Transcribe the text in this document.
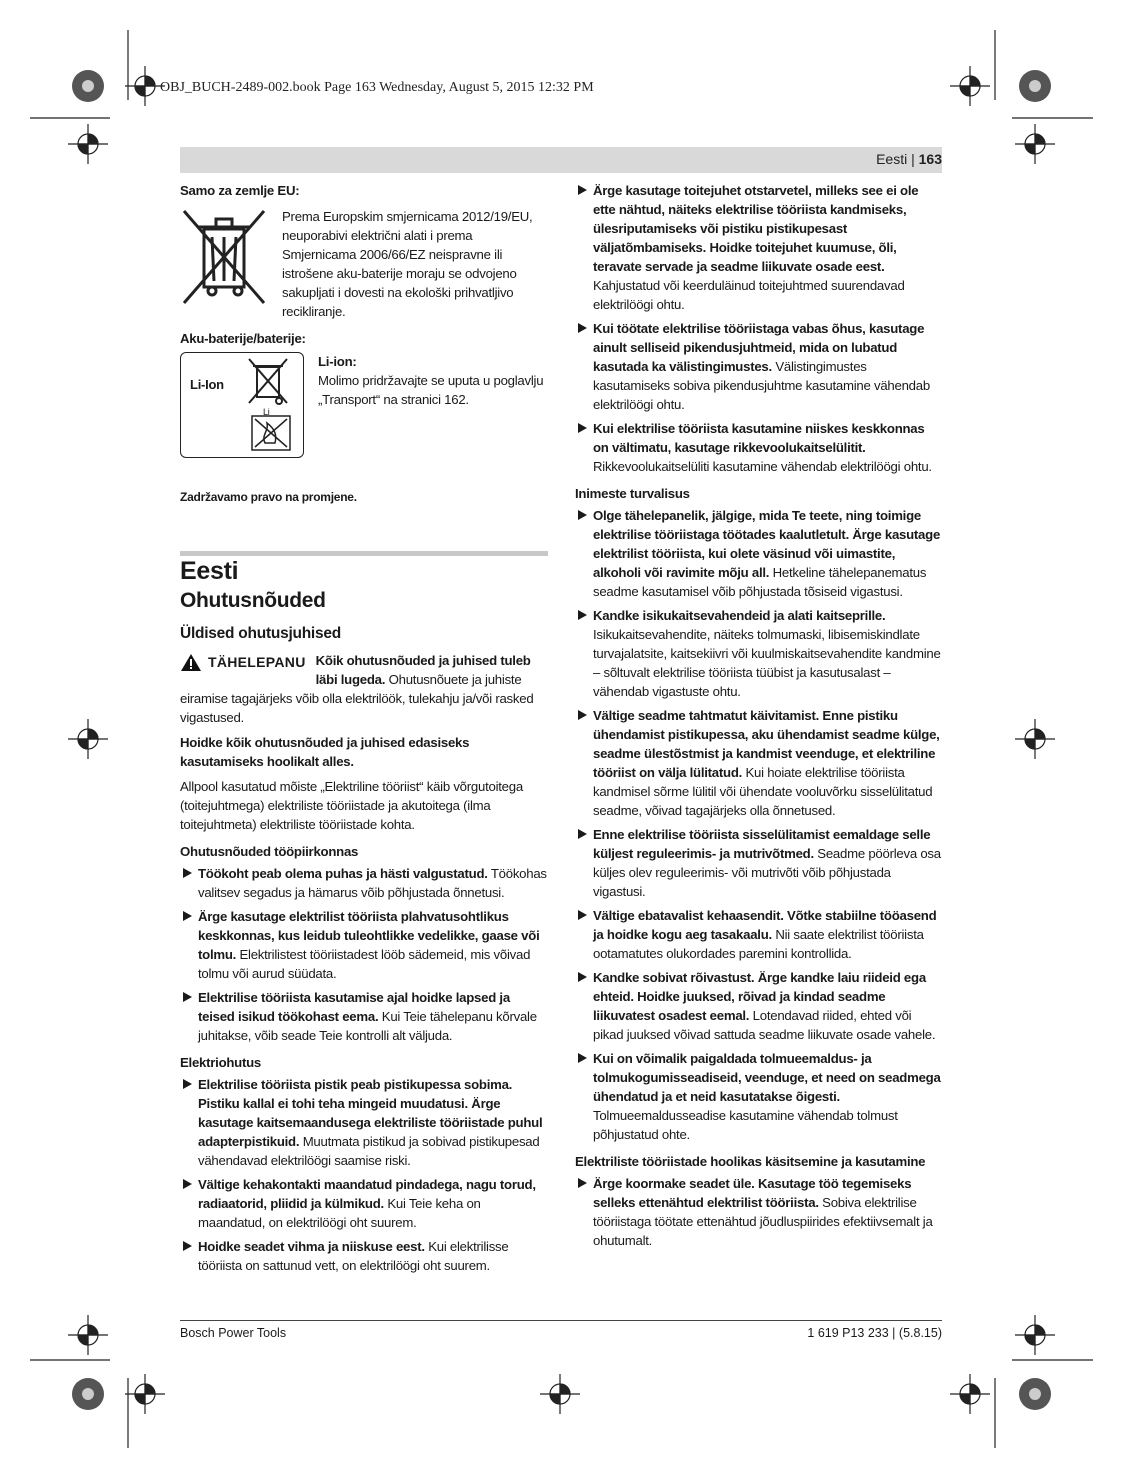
OBJ_BUCH-2489-002.book Page 163 Wednesday, August 5, 2015 12:32 PM
Eesti | 163

Samo za zemlje EU:

Prema Europskim smjernicama 2012/19/EU, neuporabivi električni alati i prema Smjernicama 2006/66/EZ neispravne ili istrošene aku-baterije moraju se odvojeno sakupljati i dovesti na ekološki prihvatljivo recikliranje.

Aku-baterije/baterije:

Li-Ion
Li

Li-ion:

Molimo pridržavajte se uputa u poglavlju „Transport“ na stranici 162.

Zadržavamo pravo na promjene.

Eesti

Ohutusnõuded

Üldised ohutusjuhised

TÄHELEPANU Kõik ohutusnõuded ja juhised tuleb läbi lugeda. Ohutusnõuete ja juhiste eiramise tagajärjeks võib olla elektrilöök, tulekahju ja/või rasked vigastused.

Hoidke kõik ohutusnõuded ja juhised edasiseks kasutamiseks hoolikalt alles.

Allpool kasutatud mõiste „Elektriline tööriist“ käib võrgutoitega (toitejuhtmega) elektriliste tööriistade ja akutoitega (ilma toitejuhtmeta) elektriliste tööriistade kohta.

Ohutusnõuded tööpiirkonnas

Töökoht peab olema puhas ja hästi valgustatud. Töökohas valitsev segadus ja hämarus võib põhjustada õnnetusi.
Ärge kasutage elektrilist tööriista plahvatusohtlikus keskkonnas, kus leidub tuleohtlikke vedelikke, gaase või tolmu. Elektrilistest tööriistadest lööb sädemeid, mis võivad tolmu või aurud süüdata.
Elektrilise tööriista kasutamise ajal hoidke lapsed ja teised isikud töökohast eema. Kui Teie tähelepanu kõrvale juhitakse, võib seade Teie kontrolli alt väljuda.

Elektriohutus

Elektrilise tööriista pistik peab pistikupessa sobima. Pistiku kallal ei tohi teha mingeid muudatusi. Ärge kasutage kaitsemaandusega elektriliste tööriistade puhul adapterpistikuid. Muutmata pistikud ja sobivad pistikupesad vähendavad elektrilöögi saamise riski.
Vältige kehakontakti maandatud pindadega, nagu torud, radiaatorid, pliidid ja külmikud. Kui Teie keha on maandatud, on elektrilöögi oht suurem.
Hoidke seadet vihma ja niiskuse eest. Kui elektrilisse tööriista on sattunud vett, on elektrilöögi oht suurem.
Ärge kasutage toitejuhet otstarvetel, milleks see ei ole ette nähtud, näiteks elektrilise tööriista kandmiseks, ülesriputamiseks või pistiku pistikupesast väljatõmbamiseks. Hoidke toitejuhet kuumuse, õli, teravate servade ja seadme liikuvate osade eest. Kahjustatud või keerduläinud toitejuhtmed suurendavad elektrilöögi ohtu.
Kui töötate elektrilise tööriistaga vabas õhus, kasutage ainult selliseid pikendusjuhtmeid, mida on lubatud kasutada ka välistingimustes. Välistingimustes kasutamiseks sobiva pikendusjuhtme kasutamine vähendab elektrilöögi ohtu.
Kui elektrilise tööriista kasutamine niiskes keskkonnas on vältimatu, kasutage rikkevoolukaitselülitit. Rikkevoolukaitselüliti kasutamine vähendab elektrilöögi ohtu.

Inimeste turvalisus

Olge tähelepanelik, jälgige, mida Te teete, ning toimige elektrilise tööriistaga töötades kaalutletult. Ärge kasutage elektrilist tööriista, kui olete väsinud või uimastite, alkoholi või ravimite mõju all. Hetkeline tähelepanematus seadme kasutamisel võib põhjustada tõsiseid vigastusi.
Kandke isikukaitsevahendeid ja alati kaitseprille. Isikukaitsevahendite, näiteks tolmumaski, libisemiskindlate turvajalatsite, kaitsekiivri või kuulmiskaitsevahendite kandmine – sõltuvalt elektrilise tööriista tüübist ja kasutusalast – vähendab vigastuste ohtu.
Vältige seadme tahtmatut käivitamist. Enne pistiku ühendamist pistikupessa, aku ühendamist seadme külge, seadme ülestõstmist ja kandmist veenduge, et elektriline tööriist on välja lülitatud. Kui hoiate elektrilise tööriista kandmisel sõrme lülitil või ühendate vooluvõrku sisselülitatud seadme, võivad tagajärjeks olla õnnetused.
Enne elektrilise tööriista sisselülitamist eemaldage selle küljest reguleerimis- ja mutrivõtmed. Seadme pöörleva osa küljes olev reguleerimis- või mutrivõti võib põhjustada vigastusi.
Vältige ebatavalist kehaasendit. Võtke stabiilne tööasend ja hoidke kogu aeg tasakaalu. Nii saate elektrilist tööriista ootamatutes olukordades paremini kontrollida.
Kandke sobivat rõivastust. Ärge kandke laiu riideid ega ehteid. Hoidke juuksed, rõivad ja kindad seadme liikuvatest osadest eemal. Lotendavad riided, ehted või pikad juuksed võivad sattuda seadme liikuvate osade vahele.
Kui on võimalik paigaldada tolmueemaldus- ja tolmukogumisseadiseid, veenduge, et need on seadmega ühendatud ja et neid kasutatakse õigesti. Tolmueemaldusseadise kasutamine vähendab tolmust põhjustatud ohte.

Elektriliste tööriistade hoolikas käsitsemine ja kasutamine

Ärge koormake seadet üle. Kasutage töö tegemiseks selleks ettenähtud elektrilist tööriista. Sobiva elektrilise tööriistaga töötate ettenähtud jõudluspiirides efektiivsemalt ja ohutumalt.
Bosch Power Tools	1 619 P13 233 | (5.8.15)
